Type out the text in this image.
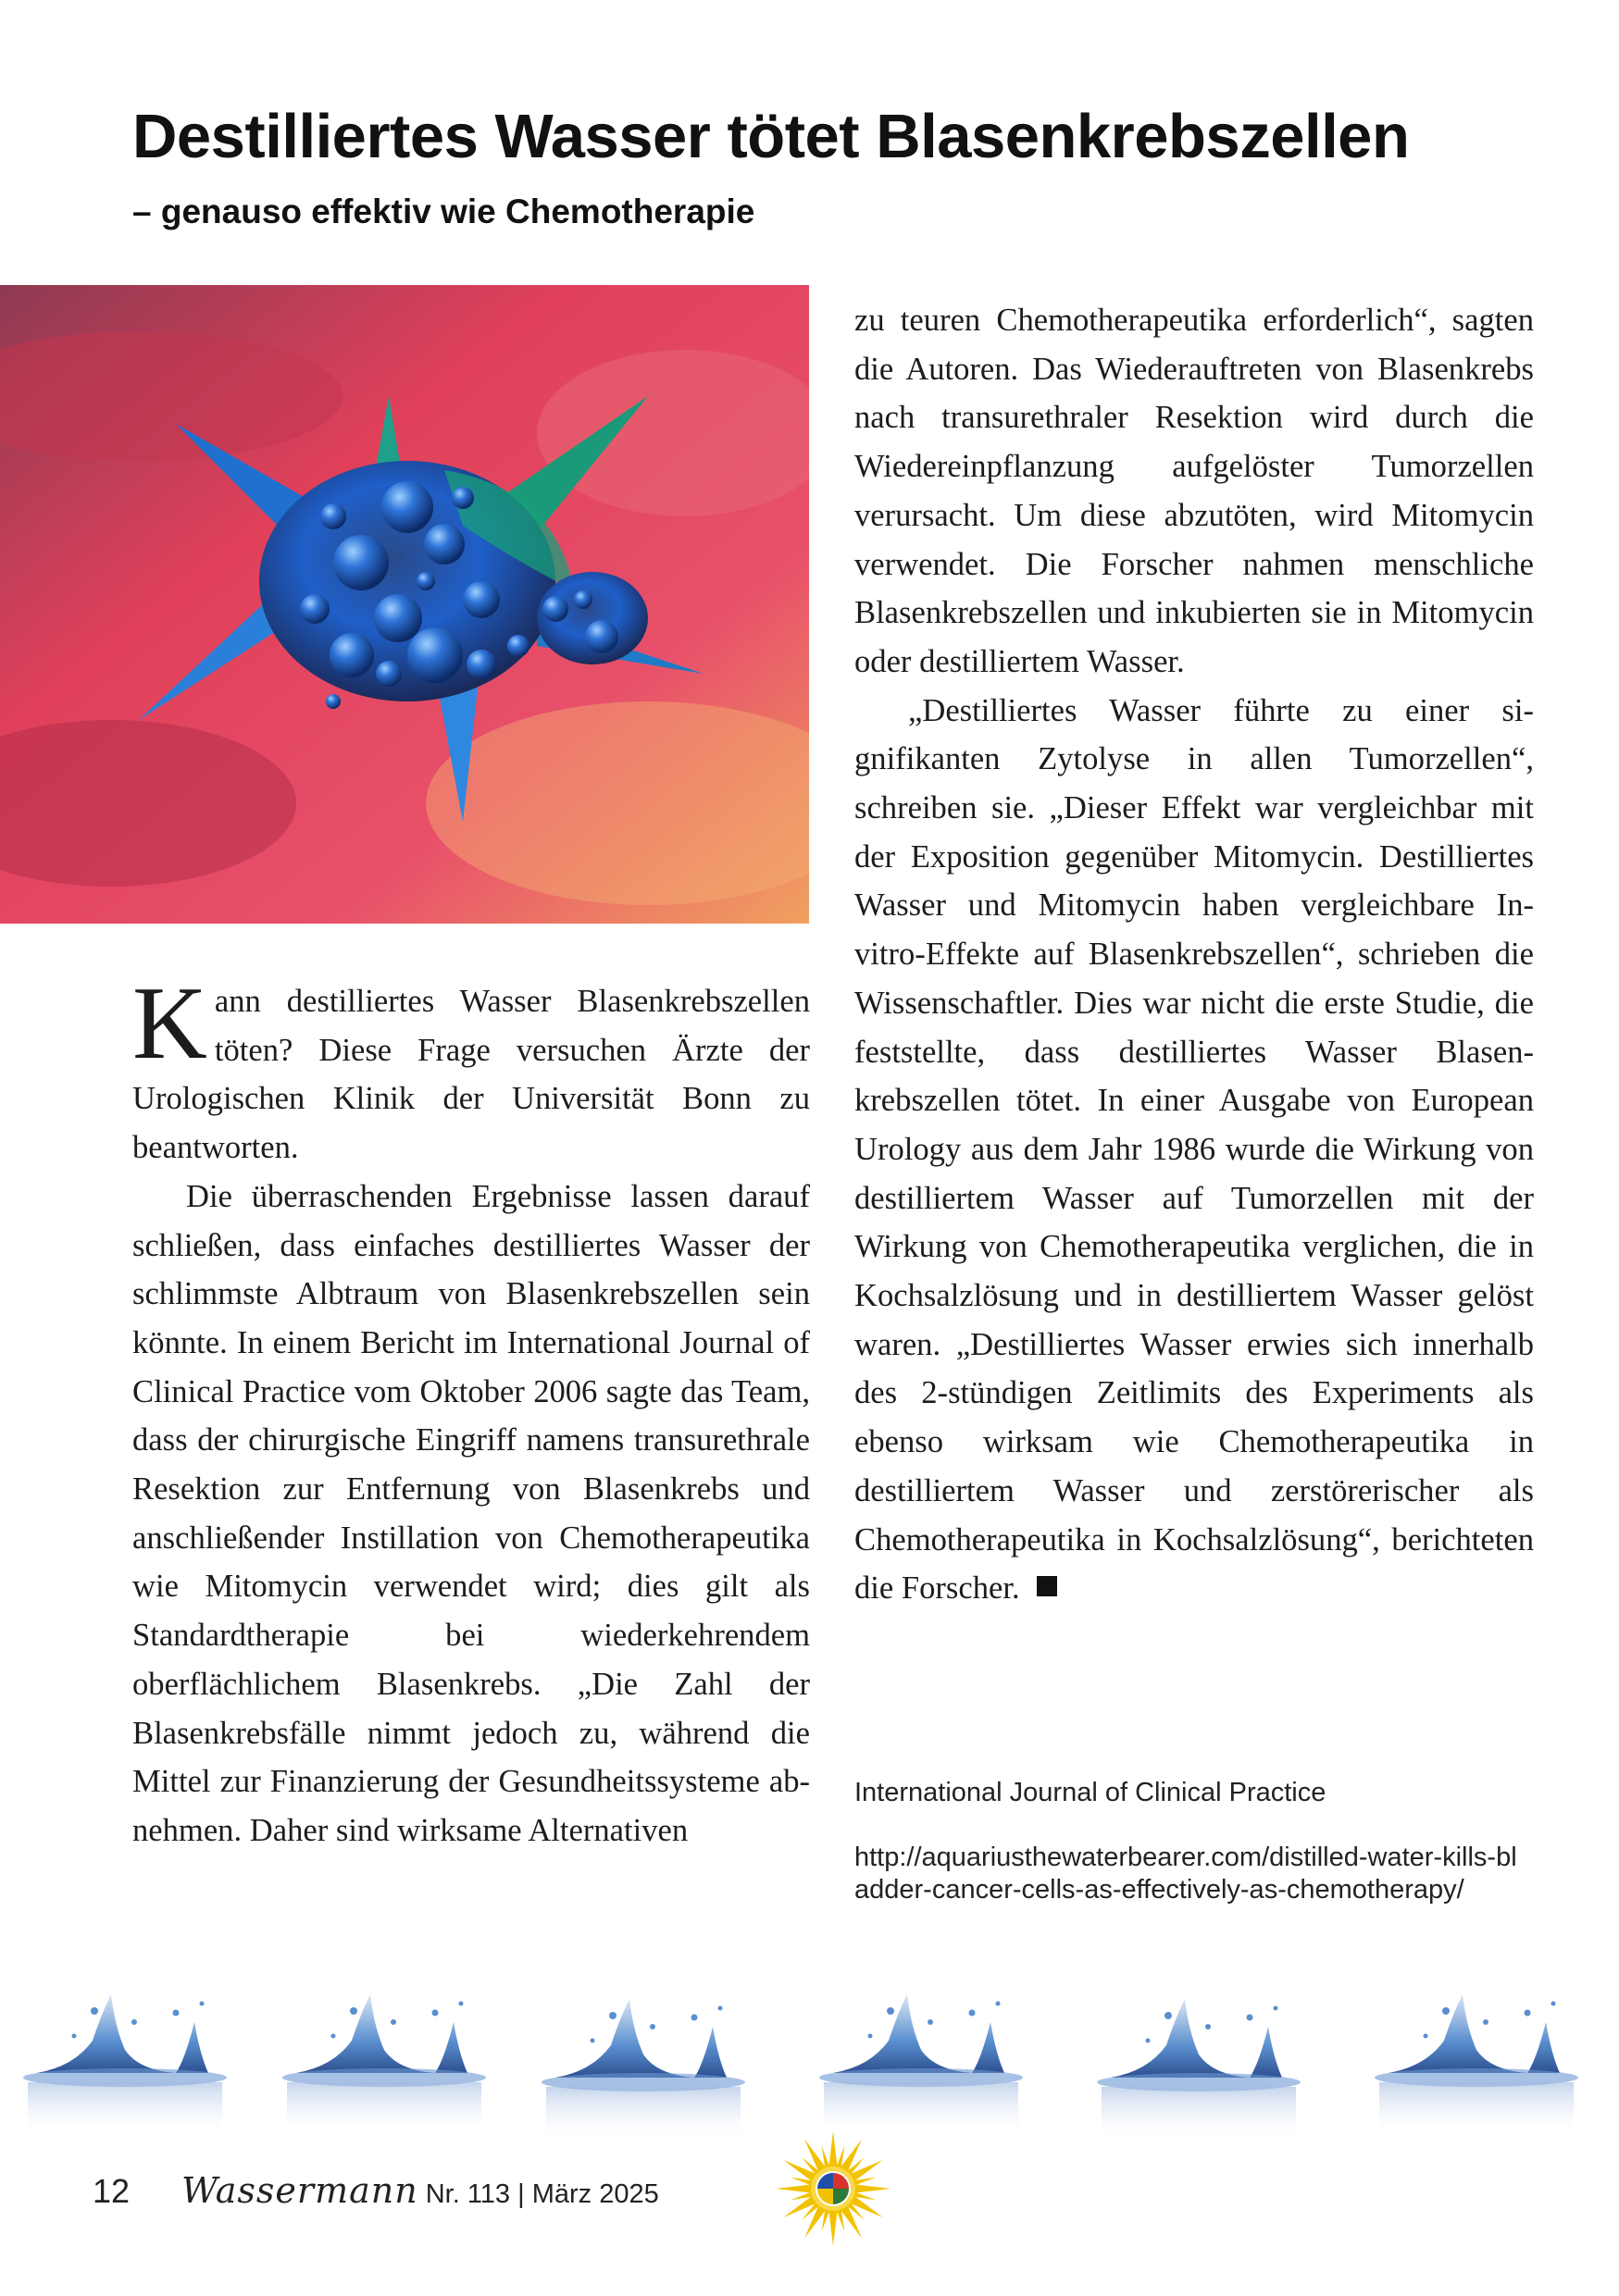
Destilliertes Wasser tötet Blasenkrebszellen
– genauso effektiv wie Chemotherapie

Kann destilliertes Wasser Blasenkrebszellen töten? Diese Frage versuchen Ärzte der Urologischen Klinik der Universität Bonn zu beantworten.

Die überraschenden Ergebnisse lassen darauf schließen, dass einfaches destilliertes Wasser der schlimmste Albtraum von Blasenkrebszellen sein könnte. In einem Bericht im International Journal of Clinical Practice vom Oktober 2006 sagte das Team, dass der chirurgische Eingriff namens transurethrale Resektion zur Entfernung von Blasenkrebs und anschließender Instillation von Chemotherapeutika wie Mitomycin verwendet wird; dies gilt als Standardtherapie bei wiederkehrendem oberflächlichem Blasenkrebs. „Die Zahl der Blasenkrebsfälle nimmt jedoch zu, während die Mittel zur Finanzierung der Gesundheitssysteme abnehmen. Daher sind wirksame Alternativen

zu teuren Chemotherapeutika erforderlich“, sagten die Autoren. Das Wiederauftreten von Blasenkrebs nach transurethraler Resektion wird durch die Wiedereinpflanzung aufgelöster Tumorzellen verursacht. Um diese abzutöten, wird Mitomycin verwendet. Die Forscher nahmen menschliche Blasenkrebszellen und inkubierten sie in Mitomycin oder destilliertem Wasser.

„Destilliertes Wasser führte zu einer signifikanten Zytolyse in allen Tumorzellen“, schreiben sie. „Dieser Effekt war vergleichbar mit der Exposition gegenüber Mitomycin. Destilliertes Wasser und Mitomycin haben vergleichbare In-vitro-Effekte auf Blasenkrebszellen“, schrieben die Wissenschaftler. Dies war nicht die erste Studie, die feststellte, dass destilliertes Wasser Blasenkrebszellen tötet. In einer Ausgabe von European Urology aus dem Jahr 1986 wurde die Wirkung von destilliertem Wasser auf Tumorzellen mit der Wirkung von Chemotherapeutika verglichen, die in Kochsalzlösung und in destilliertem Wasser gelöst waren. „Destilliertes Wasser erwies sich innerhalb des 2-stündigen Zeitlimits des Experiments als ebenso wirksam wie Chemotherapeutika in destilliertem Wasser und zerstörerischer als Chemotherapeutika in Kochsalzlösung“, berichteten die Forscher.

International Journal of Clinical Practice

http://aquariusthewaterbearer.com/distilled-water-kills-bladder-cancer-cells-as-effectively-as-chemotherapy/

12 Wassermann Nr. 113 | März 2025
